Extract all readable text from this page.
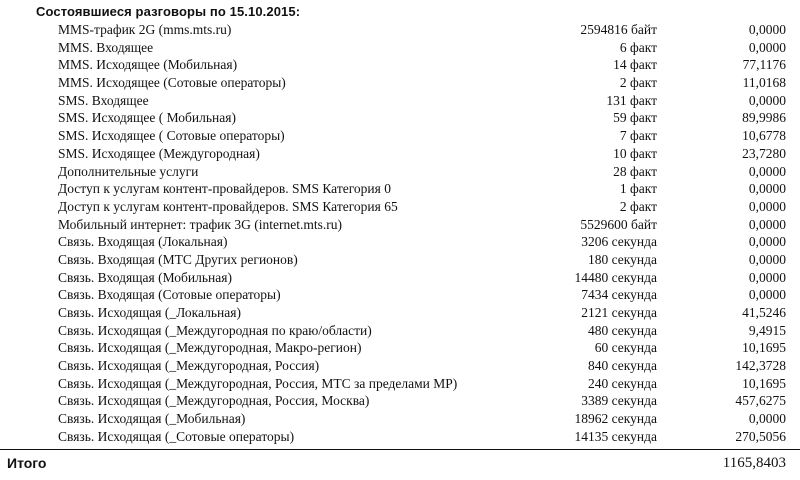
Состоявшиеся разговоры по 15.10.2015:
MMS-трафик 2G (mms.mts.ru)	2594816 байт	0,0000
MMS. Входящее	6 факт	0,0000
MMS. Исходящее (Мобильная)	14 факт	77,1176
MMS. Исходящее (Сотовые операторы)	2 факт	11,0168
SMS. Входящее	131 факт	0,0000
SMS. Исходящее ( Мобильная)	59 факт	89,9986
SMS. Исходящее ( Сотовые операторы)	7 факт	10,6778
SMS. Исходящее (Междугородная)	10 факт	23,7280
Дополнительные услуги	28 факт	0,0000
Доступ к услугам контент-провайдеров. SMS Категория 0	1 факт	0,0000
Доступ к услугам контент-провайдеров. SMS Категория 65	2 факт	0,0000
Мобильный интернет: трафик 3G (internet.mts.ru)	5529600 байт	0,0000
Связь. Входящая (Локальная)	3206 секунда	0,0000
Связь. Входящая (МТС Других регионов)	180 секунда	0,0000
Связь. Входящая (Мобильная)	14480 секунда	0,0000
Связь. Входящая (Сотовые операторы)	7434 секунда	0,0000
Связь. Исходящая (_Локальная)	2121 секунда	41,5246
Связь. Исходящая (_Междугородная по краю/области)	480 секунда	9,4915
Связь. Исходящая (_Междугородная, Макро-регион)	60 секунда	10,1695
Связь. Исходящая (_Междугородная, Россия)	840 секунда	142,3728
Связь. Исходящая (_Междугородная, Россия, МТС за пределами МР)	240 секунда	10,1695
Связь. Исходящая (_Междугородная, Россия, Москва)	3389 секунда	457,6275
Связь. Исходящая (_Мобильная)	18962 секунда	0,0000
Связь. Исходящая (_Сотовые операторы)	14135 секунда	270,5056
Итого	1165,8403
